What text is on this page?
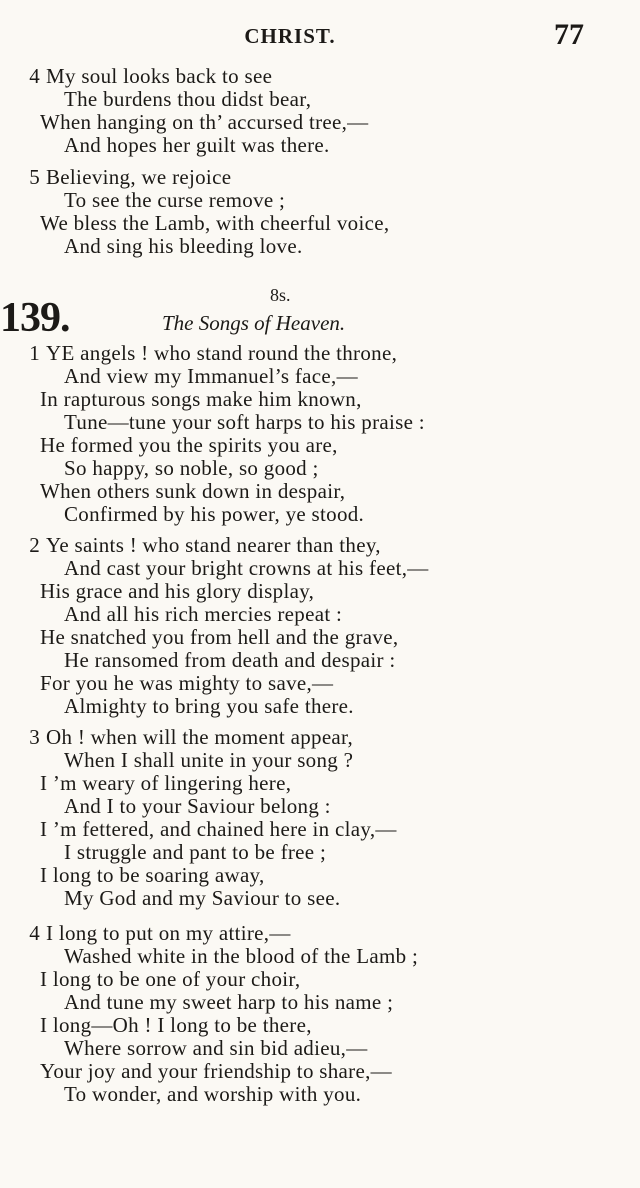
CHRIST.	77
4 My soul looks back to see
The burdens thou didst bear,
When hanging on th’ accursed tree,—
And hopes her guilt was there.
5 Believing, we rejoice
To see the curse remove ;
We bless the Lamb, with cheerful voice,
And sing his bleeding love.
139.	8s.
The Songs of Heaven.
1 YE angels ! who stand round the throne,
And view my Immanuel’s face,—
In rapturous songs make him known,
Tune—tune your soft harps to his praise :
He formed you the spirits you are,
So happy, so noble, so good ;
When others sunk down in despair,
Confirmed by his power, ye stood.
2 Ye saints ! who stand nearer than they,
And cast your bright crowns at his feet,—
His grace and his glory display,
And all his rich mercies repeat :
He snatched you from hell and the grave,
He ransomed from death and despair :
For you he was mighty to save,—
Almighty to bring you safe there.
3 Oh ! when will the moment appear,
When I shall unite in your song ?
I ’m weary of lingering here,
And I to your Saviour belong :
I ’m fettered, and chained here in clay,—
I struggle and pant to be free ;
I long to be soaring away,
My God and my Saviour to see.
4 I long to put on my attire,—
Washed white in the blood of the Lamb ;
I long to be one of your choir,
And tune my sweet harp to his name ;
I long—Oh ! I long to be there,
Where sorrow and sin bid adieu,—
Your joy and your friendship to share,—
To wonder, and worship with you.
